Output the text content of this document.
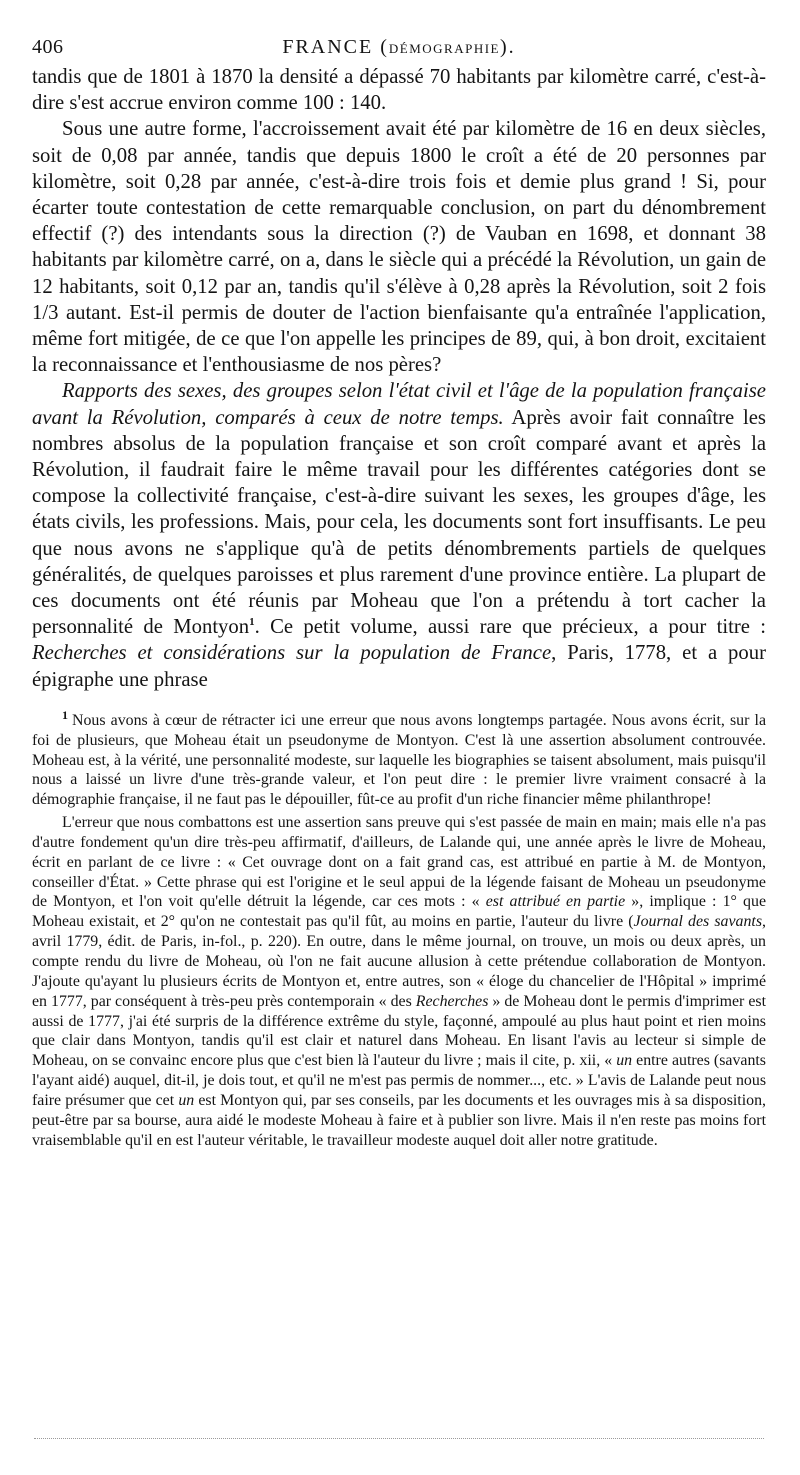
406	FRANCE (DÉMOGRAPHIE).

tandis que de 1801 à 1870 la densité a dépassé 70 habitants par kilomètre carré, c'est-à-dire s'est accrue environ comme 100 : 140.

Sous une autre forme, l'accroissement avait été par kilomètre de 16 en deux siècles, soit de 0,08 par année, tandis que depuis 1800 le croît a été de 20 personnes par kilomètre, soit 0,28 par année, c'est-à-dire trois fois et demie plus grand ! Si, pour écarter toute contestation de cette remarquable conclusion, on part du dénombrement effectif (?) des intendants sous la direction (?) de Vauban en 1698, et donnant 38 habitants par kilomètre carré, on a, dans le siècle qui a précédé la Révolution, un gain de 12 habitants, soit 0,12 par an, tandis qu'il s'élève à 0,28 après la Révolution, soit 2 fois 1/3 autant. Est-il permis de douter de l'action bienfaisante qu'a entraînée l'application, même fort mitigée, de ce que l'on appelle les principes de 89, qui, à bon droit, excitaient la reconnaissance et l'enthousiasme de nos pères?

Rapports des sexes, des groupes selon l'état civil et l'âge de la population française avant la Révolution, comparés à ceux de notre temps. Après avoir fait connaître les nombres absolus de la population française et son croît comparé avant et après la Révolution, il faudrait faire le même travail pour les différentes catégories dont se compose la collectivité française, c'est-à-dire suivant les sexes, les groupes d'âge, les états civils, les professions. Mais, pour cela, les documents sont fort insuffisants. Le peu que nous avons ne s'applique qu'à de petits dénombrements partiels de quelques généralités, de quelques paroisses et plus rarement d'une province entière. La plupart de ces documents ont été réunis par Moheau que l'on a prétendu à tort cacher la personnalité de Montyon$^1$. Ce petit volume, aussi rare que précieux, a pour titre : Recherches et considérations sur la population de France, Paris, 1778, et a pour épigraphe une phrase

$^1$ Nous avons à cœur de rétracter ici une erreur que nous avons longtemps partagée. Nous avons écrit, sur la foi de plusieurs, que Moheau était un pseudonyme de Montyon. C'est là une assertion absolument controuvée. Moheau est, à la vérité, une personnalité modeste, sur laquelle les biographies se taisent absolument, mais puisqu'il nous a laissé un livre d'une très-grande valeur, et l'on peut dire : le premier livre vraiment consacré à la démographie française, il ne faut pas le dépouiller, fût-ce au profit d'un riche financier même philanthrope!

L'erreur que nous combattons est une assertion sans preuve qui s'est passée de main en main; mais elle n'a pas d'autre fondement qu'un dire très-peu affirmatif, d'ailleurs, de Lalande qui, une année après le livre de Moheau, écrit en parlant de ce livre : « Cet ouvrage dont on a fait grand cas, est attribué en partie à M. de Montyon, conseiller d'État. » Cette phrase qui est l'origine et le seul appui de la légende faisant de Moheau un pseudonyme de Montyon, et l'on voit qu'elle détruit la légende, car ces mots : « est attribué en partie », implique : 1° que Moheau existait, et 2° qu'on ne contestait pas qu'il fût, au moins en partie, l'auteur du livre (Journal des savants, avril 1779, édit. de Paris, in-fol., p. 220). En outre, dans le même journal, on trouve, un mois ou deux après, un compte rendu du livre de Moheau, où l'on ne fait aucune allusion à cette prétendue collaboration de Montyon. J'ajoute qu'ayant lu plusieurs écrits de Montyon et, entre autres, son « éloge du chancelier de l'Hôpital » imprimé en 1777, par conséquent à très-peu près contemporain « des Recherches » de Moheau dont le permis d'imprimer est aussi de 1777, j'ai été surpris de la différence extrême du style, façonné, ampoulé au plus haut point et rien moins que clair dans Montyon, tandis qu'il est clair et naturel dans Moheau. En lisant l'avis au lecteur si simple de Moheau, on se convainc encore plus que c'est bien là l'auteur du livre ; mais il cite, p. xii, « un entre autres (savants l'ayant aidé) auquel, dit-il, je dois tout, et qu'il ne m'est pas permis de nommer..., etc. » L'avis de Lalande peut nous faire présumer que cet un est Montyon qui, par ses conseils, par les documents et les ouvrages mis à sa disposition, peut-être par sa bourse, aura aidé le modeste Moheau à faire et à publier son livre. Mais il n'en reste pas moins fort vraisemblable qu'il en est l'auteur véritable, le travailleur modeste auquel doit aller notre gratitude.
